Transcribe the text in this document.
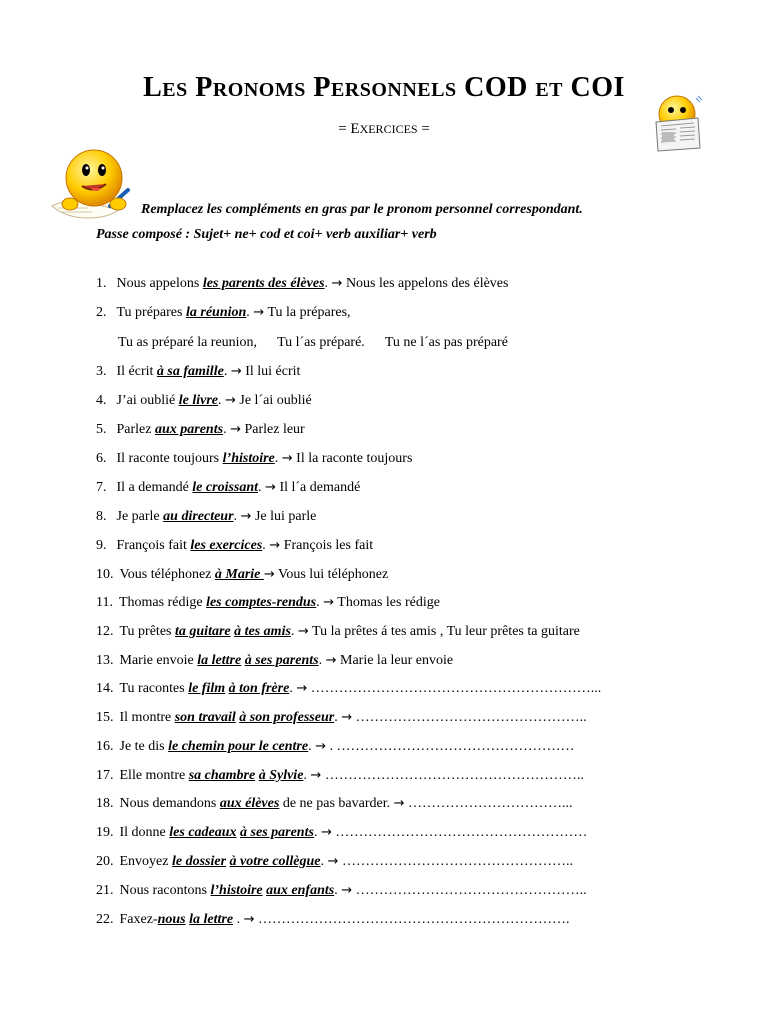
LES PRONOMS PERSONNELS COD ET COI
= EXERCICES =
Remplacez les compléments en gras par le pronom personnel correspondant.
Passe composé : Sujet+ ne+ cod et coi+ verb auxiliar+ verb
1. Nous appelons les parents des élèves. → Nous les appelons des élèves
2. Tu prépares la réunion. → Tu la prépares,
Tu as préparé la reunion, Tu l´as préparé. Tu ne l´as pas préparé
3. Il écrit à sa famille. → Il lui écrit
4. J’ai oublié le livre. → Je l´ai oublié
5. Parlez aux parents. → Parlez leur
6. Il raconte toujours l’histoire. → Il la raconte toujours
7. Il a demandé le croissant. → Il l´a demandé
8. Je parle au directeur. → Je lui parle
9. François fait les exercices. → François les fait
10. Vous téléphonez à Marie → Vous lui téléphonez
11. Thomas rédige les comptes-rendus. → Thomas les rédige
12. Tu prêtes ta guitare à tes amis. → Tu la prêtes á tes amis , Tu leur prêtes ta guitare
13. Marie envoie la lettre à ses parents. → Marie la leur envoie
14. Tu racontes le film à ton frère. → ……………………………………………………...
15. Il montre son travail à son professeur. → …………………………………………..
16. Je te dis le chemin pour le centre. → . ……………………………………………
17. Elle montre sa chambre à Sylvie. → ………………………………………………..
18. Nous demandons aux élèves de ne pas bavarder. → ……………………………...
19. Il donne les cadeaux à ses parents. → ………………………………………………
20. Envoyez le dossier à votre collègue. → …………………………………………..
21. Nous racontons l’histoire aux enfants. → …………………………………………..
22. Faxez-nous la lettre . → ………………………………………………………….
